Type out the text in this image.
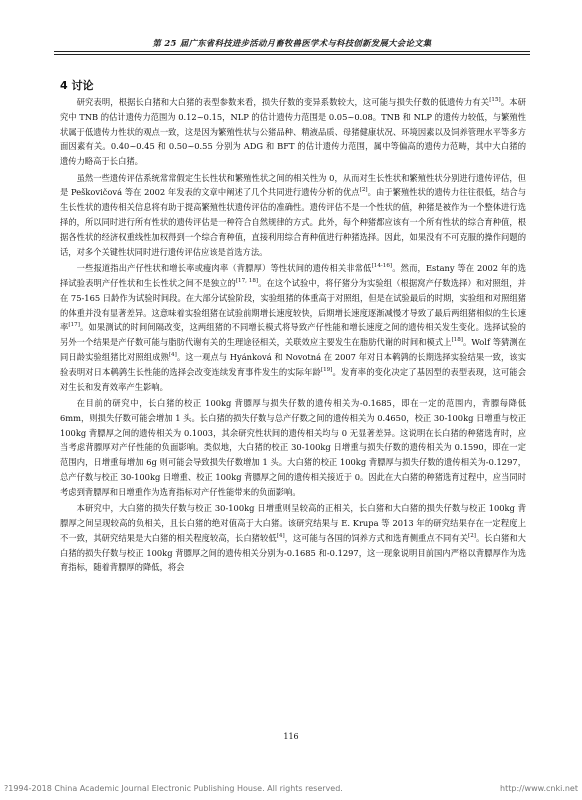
第 25 届广东省科技进步活动月畜牧兽医学术与科技创新发展大会论文集
4 讨论

研究表明，根据长白猪和大白猪的表型参数来看，损失仔数的变异系数较大，这可能与损失仔数的低遗传力有关[15]。本研究中 TNB 的估计遗传力范围为 0.12~0.15，NLP 的估计遗传力范围是 0.05~0.08。TNB 和 NLP 的遗传力较低，与繁殖性状属于低遗传力性状的观点一致，这是因为繁殖性状与公猪品种、精液品质、母猪健康状况、环境因素以及饲养管理水平等多方面因素有关。0.40~0.45 和 0.50~0.55 分别为 ADG 和 BFT 的估计遗传力范围，属中等偏高的遗传力范畴，其中大白猪的遗传力略高于长白猪。

虽然一些遗传评估系统常常假定生长性状和繁殖性状之间的相关性为 0，从而对生长性状和繁殖性状分别进行遗传评估，但是 Peškovičová 等在 2002 年发表的文章中阐述了几个共同进行遗传分析的优点[2]。由于繁殖性状的遗传力往往很低，结合与生长性状的遗传相关信息将有助于提高繁殖性状遗传评估的准确性。遗传评估不是一个性状的值，种猪是被作为一个整体进行选择的，所以同时进行所有性状的遗传评估是一种符合自然规律的方式。此外，每个种猪都应该有一个所有性状的综合育种值，根据各性状的经济权重线性加权得到一个综合育种值，直接利用综合育种值进行种猪选择。因此，如果没有不可克服的操作问题的话，对多个关键性状同时进行遗传评估应该是首选方法。

一些报道指出产仔性状和增长率或瘦肉率（背膘厚）等性状间的遗传相关非常低[14-16]。然而，Estany 等在 2002 年的选择试验表明产仔性状和生长性状之间不是独立的[17, 18]。在这个试验中，将仔猪分为实验组（根据窝产仔数选择）和对照组，并在 75-165 日龄作为试验时间段。在大部分试验阶段，实验组猪的体重高于对照组，但是在试验最后的时期，实验组和对照组猪的体重并没有显著差异。这意味着实验组猪在试验前期增长速度较快，后期增长速度逐渐减慢才导致了最后两组猪相似的生长速率[17]。如果测试的时间间隔改变，这两组猪的不同增长模式将导致产仔性能和增长速度之间的遗传相关发生变化。选择试验的另外一个结果是产仔数可能与脂肪代谢有关的生理途径相关，关联效应主要发生在脂肪代谢的时间和模式上[18]。Wolf 等猜测在同日龄实验组猪比对照组成熟[4]。这一观点与 Hyánková 和 Novotná 在 2007 年对日本鹌鹑的长期选择实验结果一致，该实验表明对日本鹌鹑生长性能的选择会改变连续发育事件发生的实际年龄[19]。发育率的变化决定了基因型的表型表现，这可能会对生长和发育效率产生影响。

在目前的研究中，长白猪的校正 100kg 背膘厚与损失仔数的遗传相关为-0.1685，即在一定的范围内，背膘每降低 6mm，则损失仔数可能会增加 1 头。长白猪的损失仔数与总产仔数之间的遗传相关为 0.4650，校正 30-100kg 日增重与校正 100kg 背膘厚之间的遗传相关为 0.1003，其余研究性状间的遗传相关均与 0 无显著差异。这说明在长白猪的种猪选育时，应当考虑背膘厚对产仔性能的负面影响。类似地，大白猪的校正 30-100kg 日增重与损失仔数的遗传相关为 0.1590，即在一定范围内，日增重每增加 6g 则可能会导致损失仔数增加 1 头。大白猪的校正 100kg 背膘厚与损失仔数的遗传相关为-0.1297，总产仔数与校正 30-100kg 日增重、校正 100kg 背膘厚之间的遗传相关接近于 0。因此在大白猪的种猪选育过程中，应当同时考虑到背膘厚和日增重作为选育指标对产仔性能带来的负面影响。

本研究中，大白猪的损失仔数与校正 30-100kg 日增重则呈较高的正相关，长白猪和大白猪的损失仔数与校正 100kg 背膘厚之间呈现较高的负相关，且长白猪的绝对值高于大白猪。该研究结果与 E. Krupa 等 2013 年的研究结果存在一定程度上不一致，其研究结果是大白猪的相关程度较高，长白猪较低[4]，这可能与各国的饲养方式和选育侧重点不同有关[2]。长白猪和大白猪的损失仔数与校正 100kg 背膘厚之间的遗传相关分别为-0.1685 和-0.1297，这一现象说明目前国内严格以背膘厚作为选育指标，随着背膘厚的降低，将会

116
?1994-2018 China Academic Journal Electronic Publishing House. All rights reserved.	http://www.cnki.net
